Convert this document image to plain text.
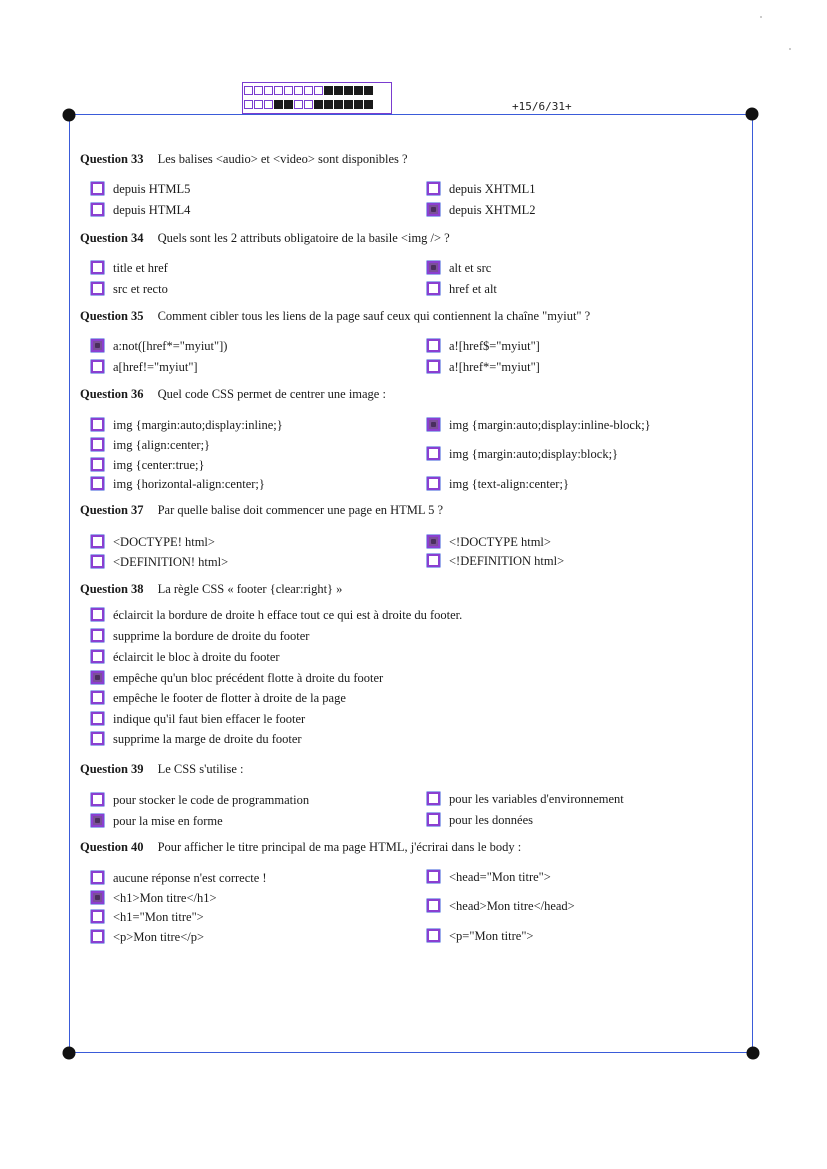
+15/6/31+
Question 33 Les balises <audio> et <video> sont disponibles ?
depuis HTML5
depuis HTML4
depuis XHTML1
depuis XHTML2
Question 34 Quels sont les 2 attributs obligatoire de la basile <img /> ?
title et href
src et recto
alt et src
href et alt
Question 35 Comment cibler tous les liens de la page sauf ceux qui contiennent la chaîne "myiut" ?
a:not([href*="myiut"])
a[href!="myiut"]
a![href$="myiut"]
a![href*="myiut"]
Question 36 Quel code CSS permet de centrer une image :
img {margin:auto;display:inline;}
img {align:center;}
img {center:true;}
img {horizontal-align:center;}
img {margin:auto;display:inline-block;}
img {margin:auto;display:block;}
img {text-align:center;}
Question 37 Par quelle balise doit commencer une page en HTML 5 ?
<DOCTYPE! html>
<DEFINITION! html>
<!DOCTYPE html>
<!DEFINITION html>
Question 38 La règle CSS « footer {clear:right} »
éclaircit la bordure de droite h efface tout ce qui est à droite du footer.
supprime la bordure de droite du footer
éclaircit le bloc à droite du footer
empêche qu'un bloc précédent flotte à droite du footer
empêche le footer de flotter à droite de la page
indique qu'il faut bien effacer le footer
supprime la marge de droite du footer
Question 39 Le CSS s'utilise :
pour stocker le code de programmation
pour la mise en forme
pour les variables d'environnement
pour les données
Question 40 Pour afficher le titre principal de ma page HTML, j'écrirai dans le body :
aucune réponse n'est correcte !
<h1>Mon titre</h1>
<h1="Mon titre">
<p>Mon titre</p>
<head="Mon titre">
<head>Mon titre</head>
<p="Mon titre">
